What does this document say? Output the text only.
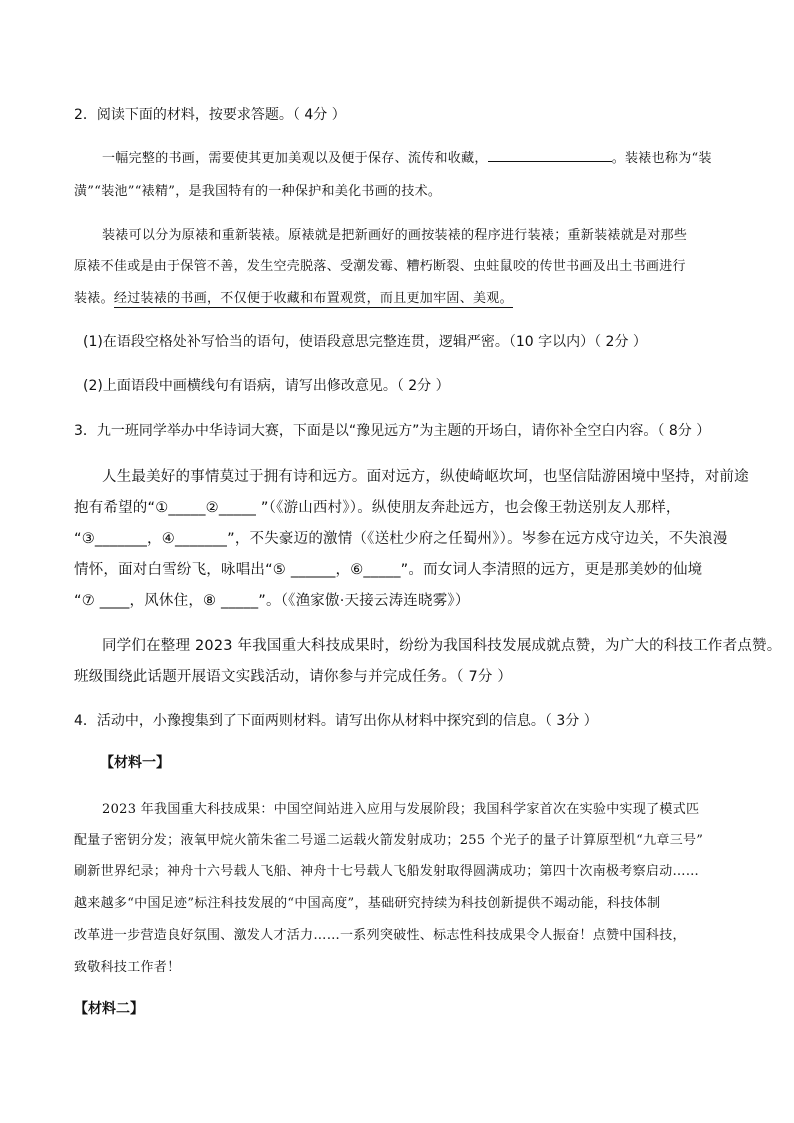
2．阅读下面的材料，按要求答题。（ 4分 ）
一幅完整的书画，需要使其更加美观以及便于保存、流传和收藏，	。装裱也称为“装
潢”“装池”“裱精”，是我国特有的一种保护和美化书画的技术。
装裱可以分为原裱和重新装裱。原裱就是把新画好的画按装裱的程序进行装裱；重新装裱就是对那些
原裱不佳或是由于保管不善，发生空壳脱落、受潮发霉、糟朽断裂、虫蛀鼠咬的传世书画及出土书画进行
装裱。经过装裱的书画，不仅便于收藏和布置观赏，而且更加牢固、美观。
(1)在语段空格处补写恰当的语句，使语段意思完整连贯，逻辑严密。（10 字以内）（ 2分 ）
(2)上面语段中画横线句有语病，请写出修改意见。（ 2分 ）
3．九一班同学举办中华诗词大赛，下面是以“豫见远方”为主题的开场白，请你补全空白内容。（ 8分 ）
人生最美好的事情莫过于拥有诗和远方。面对远方，纵使崎岖坎坷，也坚信陆游困境中坚持，对前途
抱有希望的“①_____②_____ ”（《游山西村》）。纵使朋友奔赴远方，也会像王勃送别友人那样，
“③_______，④_______”，不失豪迈的激情（《送杜少府之任蜀州》）。岑参在远方戍守边关，不失浪漫
情怀，面对白雪纷飞，咏唱出“⑤ ______，⑥_____”。而女词人李清照的远方，更是那美妙的仙境
“⑦ ____，风休住，⑧ _____”。（《渔家傲·天接云涛连晓雾》）
同学们在整理 2023 年我国重大科技成果时，纷纷为我国科技发展成就点赞，为广大的科技工作者点赞。
班级围绕此话题开展语文实践活动，请你参与并完成任务。（ 7分 ）
4．活动中，小豫搜集到了下面两则材料。请写出你从材料中探究到的信息。（ 3分 ）
【材料一】
2023 年我国重大科技成果：中国空间站进入应用与发展阶段；我国科学家首次在实验中实现了模式匹
配量子密钥分发；液氧甲烷火箭朱雀二号遥二运载火箭发射成功；255 个光子的量子计算原型机“九章三号”
刷新世界纪录；神舟十六号载人飞船、神舟十七号载人飞船发射取得圆满成功；第四十次南极考察启动……
越来越多“中国足迹”标注科技发展的“中国高度”，基础研究持续为科技创新提供不竭动能，科技体制
改革进一步营造良好氛围、激发人才活力……一系列突破性、标志性科技成果令人振奋！点赞中国科技，
致敬科技工作者！
【材料二】
